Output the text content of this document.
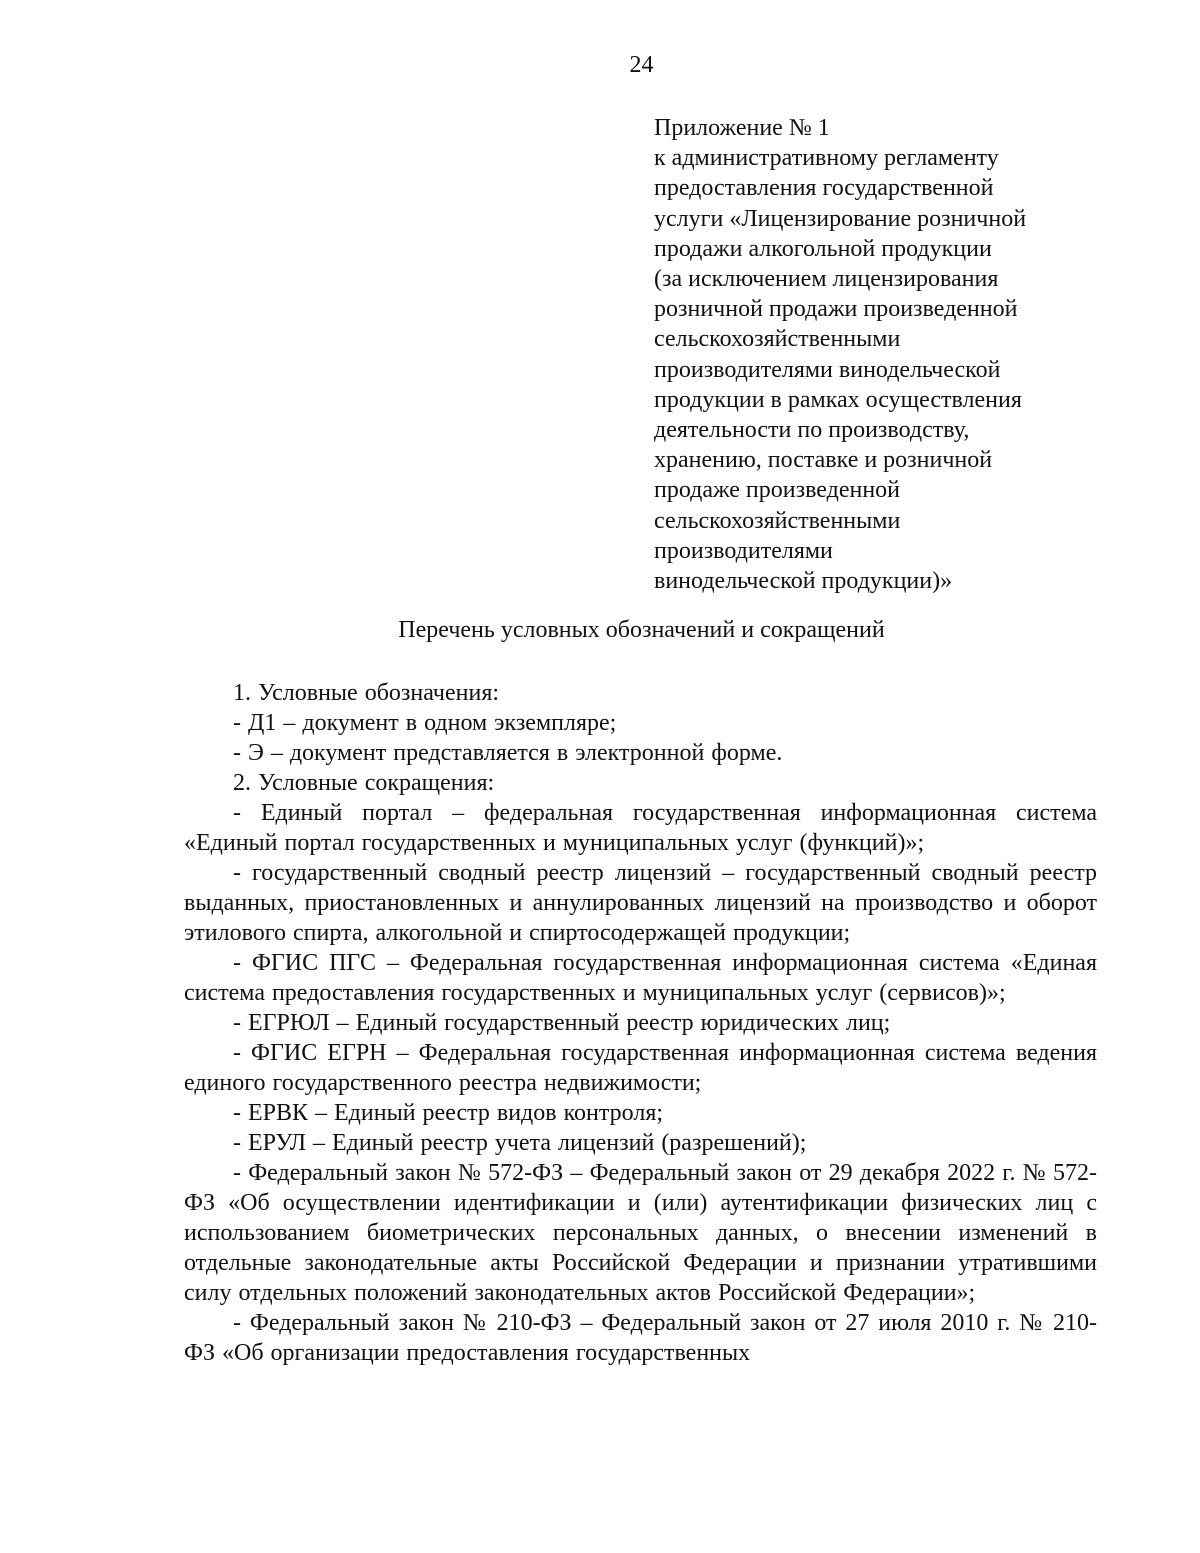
24
Приложение № 1
к административному регламенту
предоставления государственной
услуги «Лицензирование розничной
продажи алкогольной продукции
(за исключением лицензирования
розничной продажи произведенной
сельскохозяйственными
производителями винодельческой
продукции в рамках осуществления
деятельности по производству,
хранению, поставке и розничной
продаже произведенной
сельскохозяйственными
производителями
винодельческой продукции)»
Перечень условных обозначений и сокращений

1. Условные обозначения:

- Д1 – документ в одном экземпляре;

- Э – документ представляется в электронной форме.

2. Условные сокращения:

- Единый портал – федеральная государственная информационная система «Единый портал государственных и муниципальных услуг (функций)»;

- государственный сводный реестр лицензий – государственный сводный реестр выданных, приостановленных и аннулированных лицензий на производство и оборот этилового спирта, алкогольной и спиртосодержащей продукции;

- ФГИС ПГС – Федеральная государственная информационная система «Единая система предоставления государственных и муниципальных услуг (сервисов)»;

- ЕГРЮЛ – Единый государственный реестр юридических лиц;

- ФГИС ЕГРН – Федеральная государственная информационная система ведения единого государственного реестра недвижимости;

- ЕРВК – Единый реестр видов контроля;

- ЕРУЛ – Единый реестр учета лицензий (разрешений);

- Федеральный закон № 572-ФЗ – Федеральный закон от 29 декабря 2022 г. № 572-ФЗ «Об осуществлении идентификации и (или) аутентификации физических лиц с использованием биометрических персональных данных, о внесении изменений в отдельные законодательные акты Российской Федерации и признании утратившими силу отдельных положений законодательных актов Российской Федерации»;

- Федеральный закон № 210-ФЗ – Федеральный закон от 27 июля 2010 г. № 210-ФЗ «Об организации предоставления государственных
